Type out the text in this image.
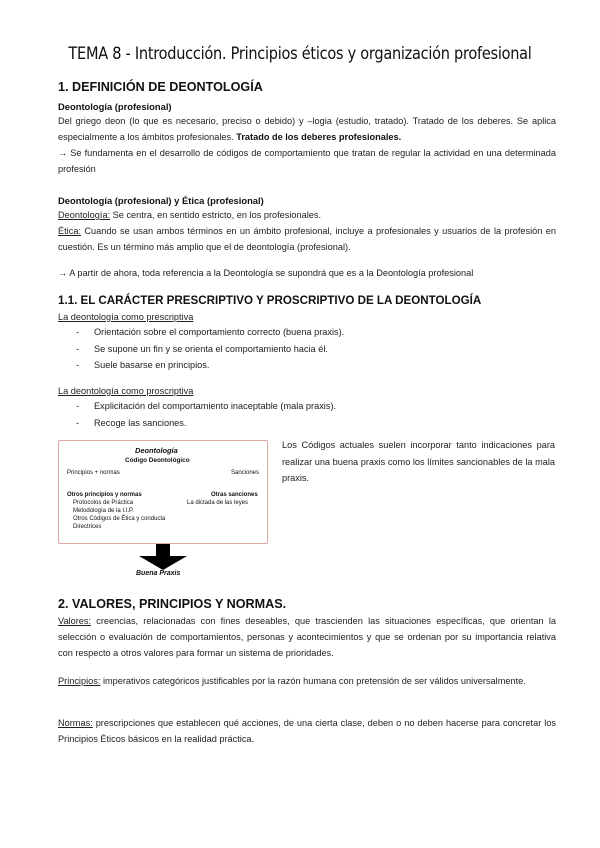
TEMA 8 - Introducción. Principios éticos y organización profesional
1. DEFINICIÓN DE DEONTOLOGÍA
Deontología (profesional)
Del griego deon (lo que es necesario, preciso o debido) y –logia (estudio, tratado). Tratado de los deberes. Se aplica especialmente a los ámbitos profesionales. Tratado de los deberes profesionales.
→ Se fundamenta en el desarrollo de códigos de comportamiento que tratan de regular la actividad en una determinada profesión
Deontología (profesional) y Ética (profesional)
Deontología: Se centra, en sentido estricto, en los profesionales.
Ética: Cuando se usan ambos términos en un ámbito profesional, incluye a profesionales y usuarios de la profesión en cuestión. Es un término más amplio que el de deontología (profesional).
→ A partir de ahora, toda referencia a la Deontología se supondrá que es a la Deontología profesional
1.1. EL CARÁCTER PRESCRIPTIVO Y PROSCRIPTIVO DE LA DEONTOLOGÍA
La deontología como prescriptiva
- Orientación sobre el comportamiento correcto (buena praxis).
- Se supone un fin y se orienta el comportamiento hacia él.
- Suele basarse en principios.
La deontología como proscriptiva
- Explicitación del comportamiento inaceptable (mala praxis).
- Recoge las sanciones.
Deontología
Código Deontológico
Principios + normas	Sanciones
Otros principios y normas	Otras sanciones
Protocolos de Práctica	La dictada de las leyes
Metodología de la I.I.P.
Otros Códigos de Ética y conducta
Directrices
Buena Praxis
Los Códigos actuales suelen incorporar tanto indicaciones para realizar una buena praxis como los límites sancionables de la mala praxis.
2. VALORES, PRINCIPIOS Y NORMAS.
Valores: creencias, relacionadas con fines deseables, que trascienden las situaciones específicas, que orientan la selección o evaluación de comportamientos, personas y acontecimientos y que se ordenan por su importancia relativa con respecto a otros valores para formar un sistema de prioridades.
Principios: imperativos categóricos justificables por la razón humana con pretensión de ser válidos universalmente.
Normas: prescripciones que establecen qué acciones, de una cierta clase, deben o no deben hacerse para concretar los Principios Éticos básicos en la realidad práctica.
